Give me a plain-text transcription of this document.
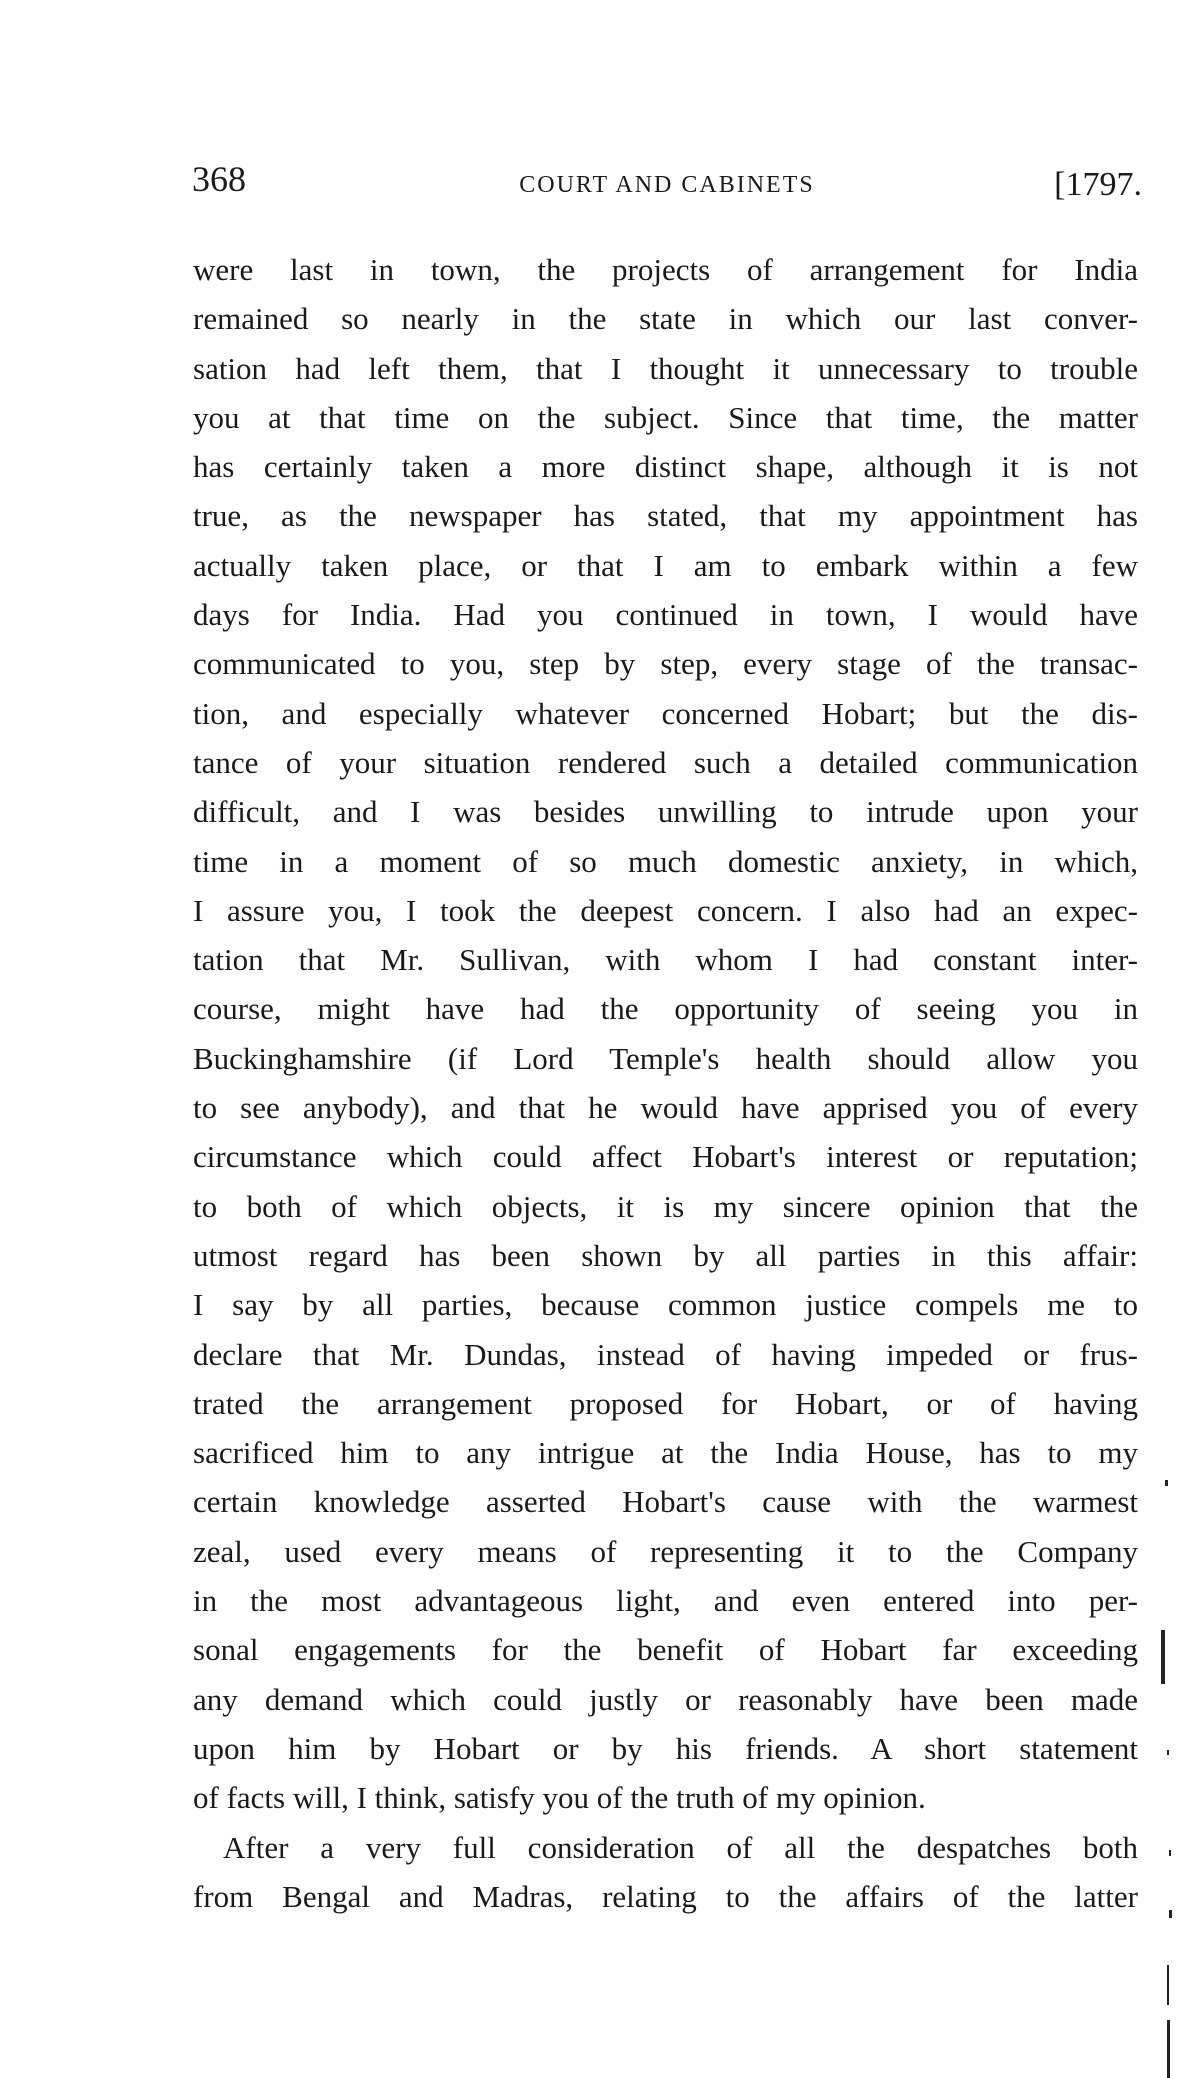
368	COURT AND CABINETS	[1797.
were last in town, the projects of arrangement for India
remained so nearly in the state in which our last conver-
sation had left them, that I thought it unnecessary to trouble
you at that time on the subject. Since that time, the matter
has certainly taken a more distinct shape, although it is not
true, as the newspaper has stated, that my appointment has
actually taken place, or that I am to embark within a few
days for India. Had you continued in town, I would have
communicated to you, step by step, every stage of the transac-
tion, and especially whatever concerned Hobart; but the dis-
tance of your situation rendered such a detailed communication
difficult, and I was besides unwilling to intrude upon your
time in a moment of so much domestic anxiety, in which,
I assure you, I took the deepest concern. I also had an expec-
tation that Mr. Sullivan, with whom I had constant inter-
course, might have had the opportunity of seeing you in
Buckinghamshire (if Lord Temple's health should allow you
to see anybody), and that he would have apprised you of every
circumstance which could affect Hobart's interest or reputation;
to both of which objects, it is my sincere opinion that the
utmost regard has been shown by all parties in this affair:
I say by all parties, because common justice compels me to
declare that Mr. Dundas, instead of having impeded or frus-
trated the arrangement proposed for Hobart, or of having
sacrificed him to any intrigue at the India House, has to my
certain knowledge asserted Hobart's cause with the warmest
zeal, used every means of representing it to the Company
in the most advantageous light, and even entered into per-
sonal engagements for the benefit of Hobart far exceeding
any demand which could justly or reasonably have been made
upon him by Hobart or by his friends. A short statement
of facts will, I think, satisfy you of the truth of my opinion.
After a very full consideration of all the despatches both
from Bengal and Madras, relating to the affairs of the latter
